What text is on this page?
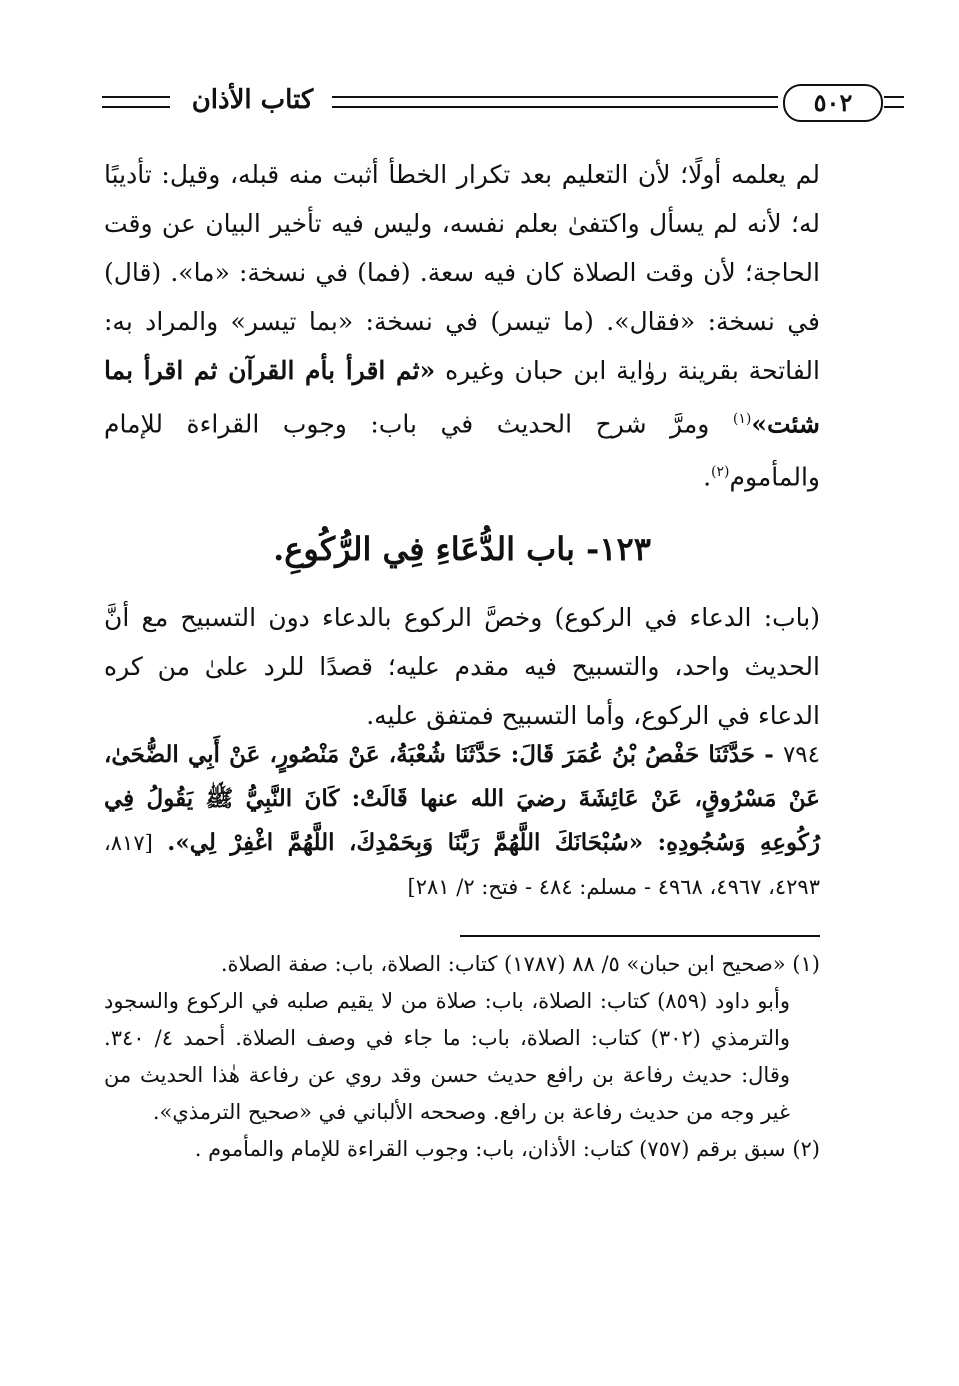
كتاب الأذان	٥٠٢
لم يعلمه أولًا؛ لأن التعليم بعد تكرار الخطأ أثبت منه قبله، وقيل: تأديبًا له؛ لأنه لم يسأل واكتفىٰ بعلم نفسه، وليس فيه تأخير البيان عن وقت الحاجة؛ لأن وقت الصلاة كان فيه سعة. (فما) في نسخة: «ما». (قال) في نسخة: «فقال». (ما تيسر) في نسخة: «بما تيسر» والمراد به: الفاتحة بقرينة روٰاية ابن حبان وغيره «ثم اقرأ بأم القرآن ثم اقرأ بما شئت»$^{(١)}$ ومرَّ شرح الحديث في باب: وجوب القراءة للإمام والمأموم$^{(٢)}$.
١٢٣- باب الدُّعَاءِ فِي الرُّكُوعِ.
(باب: الدعاء في الركوع) وخصَّ الركوع بالدعاء دون التسبيح مع أنَّ الحديث واحد، والتسبيح فيه مقدم عليه؛ قصدًا للرد علىٰ من كره الدعاء في الركوع، وأما التسبيح فمتفق عليه.
٧٩٤ - حَدَّثَنَا حَفْصُ بْنُ عُمَرَ قَالَ: حَدَّثَنَا شُعْبَةُ، عَنْ مَنْصُورٍ، عَنْ أَبِي الضُّحَىٰ، عَنْ مَسْرُوقٍ، عَنْ عَائِشَةَ رضيَ الله عنها قَالَتْ: كَانَ النَّبِيُّ ﷺ يَقُولُ فِي رُكُوعِهِ وَسُجُودِهِ: «سُبْحَانَكَ اللَّهُمَّ رَبَّنَا وَبِحَمْدِكَ، اللَّهُمَّ اغْفِرْ لِي». [٨١٧، ٤٢٩٣، ٤٩٦٧، ٤٩٦٨ - مسلم: ٤٨٤ - فتح: ٢/ ٢٨١]
(١) «صحيح ابن حبان» ٥/ ٨٨ (١٧٨٧) كتاب: الصلاة، باب: صفة الصلاة.
وأبو داود (٨٥٩) كتاب: الصلاة، باب: صلاة من لا يقيم صلبه في الركوع والسجود والترمذي (٣٠٢) كتاب: الصلاة، باب: ما جاء في وصف الصلاة. أحمد ٤/ ٣٤٠. وقال: حديث رفاعة بن رافع حديث حسن وقد روي عن رفاعة هٰذا الحديث من غير وجه من حديث رفاعة بن رافع. وصححه الألباني في «صحيح الترمذي».
(٢) سبق برقم (٧٥٧) كتاب: الأذان، باب: وجوب القراءة للإمام والمأموم .
